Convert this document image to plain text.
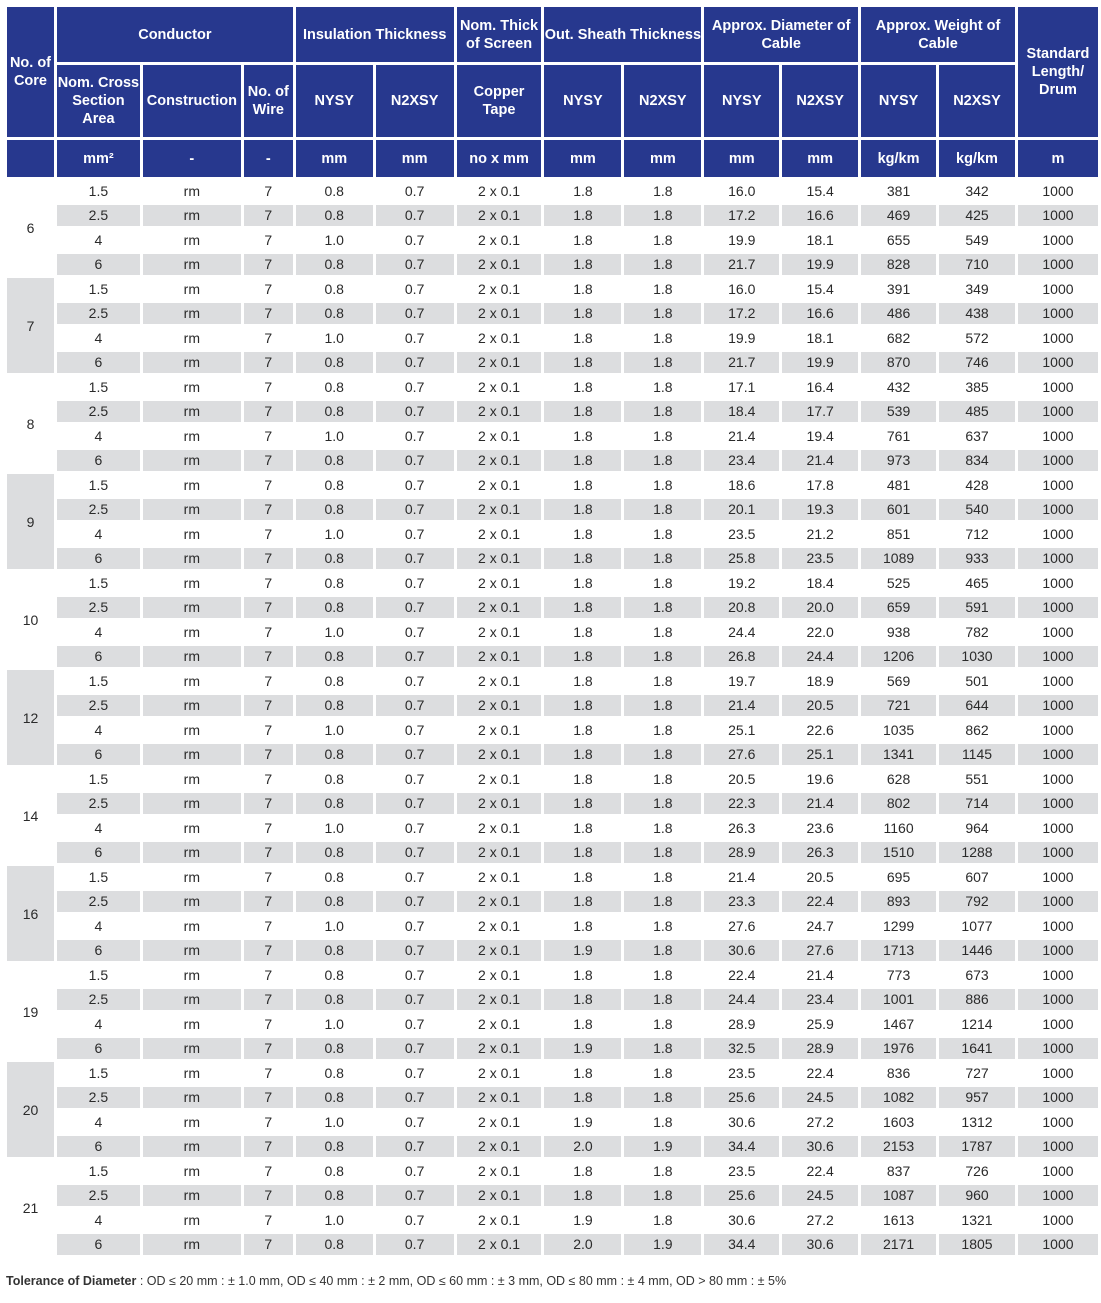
No. of Core	Conductor			Insulation Thickness		Nom. Thick of Screen	Out. Sheath Thickness		Approx. Diameter of Cable		Approx. Weight of Cable		Standard Length/ Drum
	Nom. Cross Section Area	Construction	No. of Wire	NYSY	N2XSY	Copper Tape	NYSY	N2XSY	NYSY	N2XSY	NYSY	N2XSY	
	mm²	-	-	mm	mm	no x mm	mm	mm	mm	mm	kg/km	kg/km	m
6	1.5	rm	7	0.8	0.7	2 x 0.1	1.8	1.8	16.0	15.4	381	342	1000
	2.5	rm	7	0.8	0.7	2 x 0.1	1.8	1.8	17.2	16.6	469	425	1000
	4	rm	7	1.0	0.7	2 x 0.1	1.8	1.8	19.9	18.1	655	549	1000
	6	rm	7	0.8	0.7	2 x 0.1	1.8	1.8	21.7	19.9	828	710	1000
7	1.5	rm	7	0.8	0.7	2 x 0.1	1.8	1.8	16.0	15.4	391	349	1000
	2.5	rm	7	0.8	0.7	2 x 0.1	1.8	1.8	17.2	16.6	486	438	1000
	4	rm	7	1.0	0.7	2 x 0.1	1.8	1.8	19.9	18.1	682	572	1000
	6	rm	7	0.8	0.7	2 x 0.1	1.8	1.8	21.7	19.9	870	746	1000
8	1.5	rm	7	0.8	0.7	2 x 0.1	1.8	1.8	17.1	16.4	432	385	1000
	2.5	rm	7	0.8	0.7	2 x 0.1	1.8	1.8	18.4	17.7	539	485	1000
	4	rm	7	1.0	0.7	2 x 0.1	1.8	1.8	21.4	19.4	761	637	1000
	6	rm	7	0.8	0.7	2 x 0.1	1.8	1.8	23.4	21.4	973	834	1000
9	1.5	rm	7	0.8	0.7	2 x 0.1	1.8	1.8	18.6	17.8	481	428	1000
	2.5	rm	7	0.8	0.7	2 x 0.1	1.8	1.8	20.1	19.3	601	540	1000
	4	rm	7	1.0	0.7	2 x 0.1	1.8	1.8	23.5	21.2	851	712	1000
	6	rm	7	0.8	0.7	2 x 0.1	1.8	1.8	25.8	23.5	1089	933	1000
10	1.5	rm	7	0.8	0.7	2 x 0.1	1.8	1.8	19.2	18.4	525	465	1000
	2.5	rm	7	0.8	0.7	2 x 0.1	1.8	1.8	20.8	20.0	659	591	1000
	4	rm	7	1.0	0.7	2 x 0.1	1.8	1.8	24.4	22.0	938	782	1000
	6	rm	7	0.8	0.7	2 x 0.1	1.8	1.8	26.8	24.4	1206	1030	1000
12	1.5	rm	7	0.8	0.7	2 x 0.1	1.8	1.8	19.7	18.9	569	501	1000
	2.5	rm	7	0.8	0.7	2 x 0.1	1.8	1.8	21.4	20.5	721	644	1000
	4	rm	7	1.0	0.7	2 x 0.1	1.8	1.8	25.1	22.6	1035	862	1000
	6	rm	7	0.8	0.7	2 x 0.1	1.8	1.8	27.6	25.1	1341	1145	1000
14	1.5	rm	7	0.8	0.7	2 x 0.1	1.8	1.8	20.5	19.6	628	551	1000
	2.5	rm	7	0.8	0.7	2 x 0.1	1.8	1.8	22.3	21.4	802	714	1000
	4	rm	7	1.0	0.7	2 x 0.1	1.8	1.8	26.3	23.6	1160	964	1000
	6	rm	7	0.8	0.7	2 x 0.1	1.8	1.8	28.9	26.3	1510	1288	1000
16	1.5	rm	7	0.8	0.7	2 x 0.1	1.8	1.8	21.4	20.5	695	607	1000
	2.5	rm	7	0.8	0.7	2 x 0.1	1.8	1.8	23.3	22.4	893	792	1000
	4	rm	7	1.0	0.7	2 x 0.1	1.8	1.8	27.6	24.7	1299	1077	1000
	6	rm	7	0.8	0.7	2 x 0.1	1.9	1.8	30.6	27.6	1713	1446	1000
19	1.5	rm	7	0.8	0.7	2 x 0.1	1.8	1.8	22.4	21.4	773	673	1000
	2.5	rm	7	0.8	0.7	2 x 0.1	1.8	1.8	24.4	23.4	1001	886	1000
	4	rm	7	1.0	0.7	2 x 0.1	1.8	1.8	28.9	25.9	1467	1214	1000
	6	rm	7	0.8	0.7	2 x 0.1	1.9	1.8	32.5	28.9	1976	1641	1000
20	1.5	rm	7	0.8	0.7	2 x 0.1	1.8	1.8	23.5	22.4	836	727	1000
	2.5	rm	7	0.8	0.7	2 x 0.1	1.8	1.8	25.6	24.5	1082	957	1000
	4	rm	7	1.0	0.7	2 x 0.1	1.9	1.8	30.6	27.2	1603	1312	1000
	6	rm	7	0.8	0.7	2 x 0.1	2.0	1.9	34.4	30.6	2153	1787	1000
21	1.5	rm	7	0.8	0.7	2 x 0.1	1.8	1.8	23.5	22.4	837	726	1000
	2.5	rm	7	0.8	0.7	2 x 0.1	1.8	1.8	25.6	24.5	1087	960	1000
	4	rm	7	1.0	0.7	2 x 0.1	1.9	1.8	30.6	27.2	1613	1321	1000
	6	rm	7	0.8	0.7	2 x 0.1	2.0	1.9	34.4	30.6	2171	1805	1000
Tolerance of Diameter : OD ≤ 20 mm : ± 1.0 mm, OD ≤ 40 mm : ± 2 mm, OD ≤ 60 mm : ± 3 mm, OD ≤ 80 mm : ± 4 mm, OD > 80 mm : ± 5%
